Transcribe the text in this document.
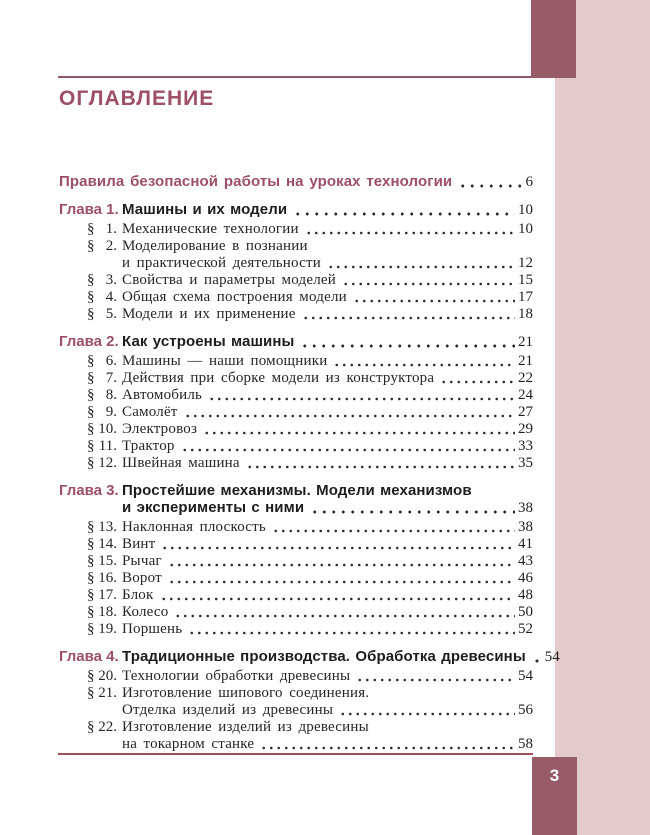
ОГЛАВЛЕНИЕ
Правила безопасной работы на уроках технологии	6
Глава 1. Машины и их модели	10
§ 1. Механические технологии	10
§ 2. Моделирование в познании
и практической деятельности	12
§ 3. Свойства и параметры моделей	15
§ 4. Общая схема построения модели	17
§ 5. Модели и их применение	18
Глава 2. Как устроены машины	21
§ 6. Машины — наши помощники	21
§ 7. Действия при сборке модели из конструктора	22
§ 8. Автомобиль	24
§ 9. Самолёт	27
§ 10. Электровоз	29
§ 11. Трактор	33
§ 12. Швейная машина	35
Глава 3. Простейшие механизмы. Модели механизмов
и эксперименты с ними	38
§ 13. Наклонная плоскость	38
§ 14. Винт	41
§ 15. Рычаг	43
§ 16. Ворот	46
§ 17. Блок	48
§ 18. Колесо	50
§ 19. Поршень	52
Глава 4. Традиционные производства. Обработка древесины 54
§ 20. Технологии обработки древесины	54
§ 21. Изготовление шипового соединения.
Отделка изделий из древесины	56
§ 22. Изготовление изделий из древесины
на токарном станке	58
3
